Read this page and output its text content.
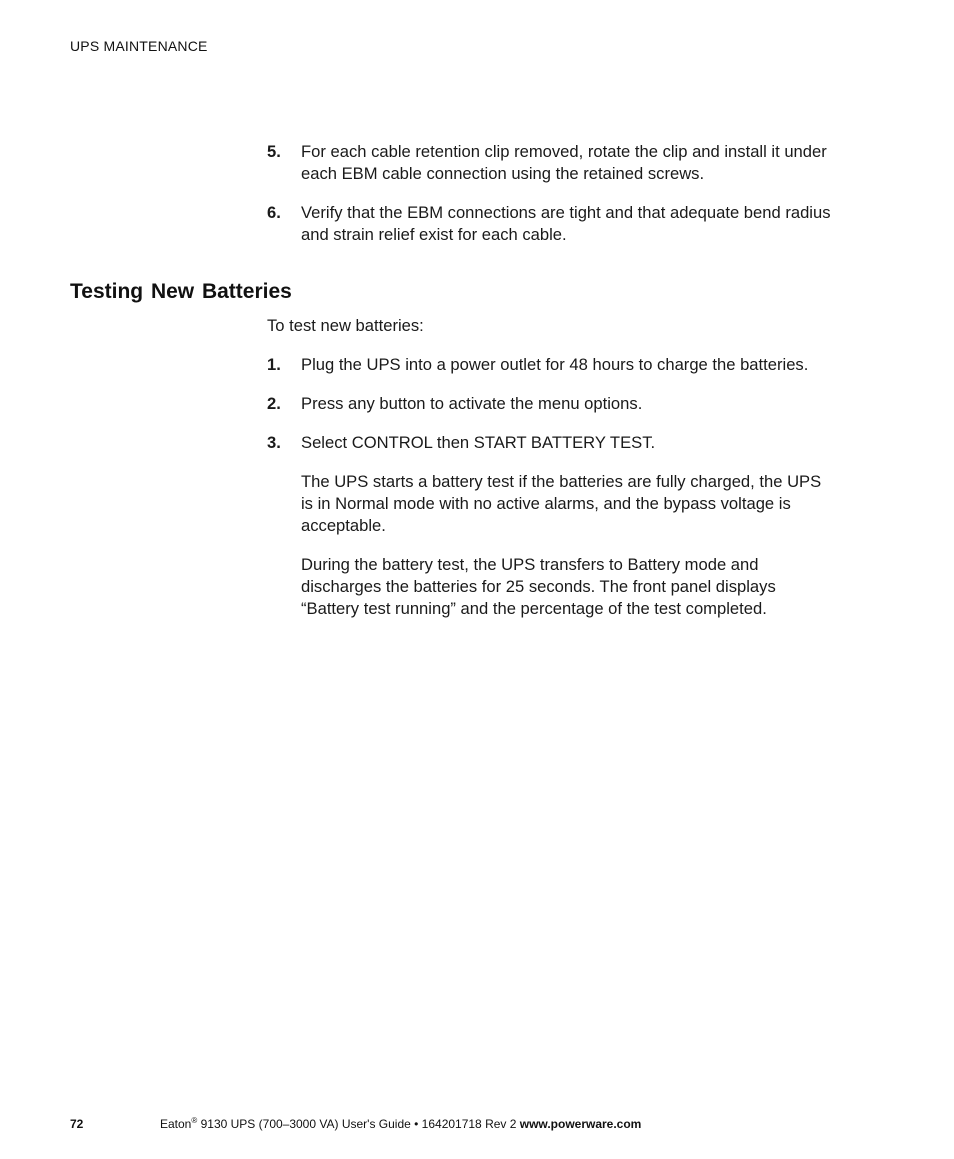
UPS MAINTENANCE
5.	For each cable retention clip removed, rotate the clip and install it under each EBM cable connection using the retained screws.
6.	Verify that the EBM connections are tight and that adequate bend radius and strain relief exist for each cable.
Testing New Batteries
To test new batteries:
1.	Plug the UPS into a power outlet for 48 hours to charge the batteries.
2.	Press any button to activate the menu options.
3.	Select CONTROL then START BATTERY TEST.
The UPS starts a battery test if the batteries are fully charged, the UPS is in Normal mode with no active alarms, and the bypass voltage is acceptable.
During the battery test, the UPS transfers to Battery mode and discharges the batteries for 25 seconds. The front panel displays “Battery test running” and the percentage of the test completed.
72	Eaton® 9130 UPS (700–3000 VA) User's Guide • 164201718 Rev 2 www.powerware.com
